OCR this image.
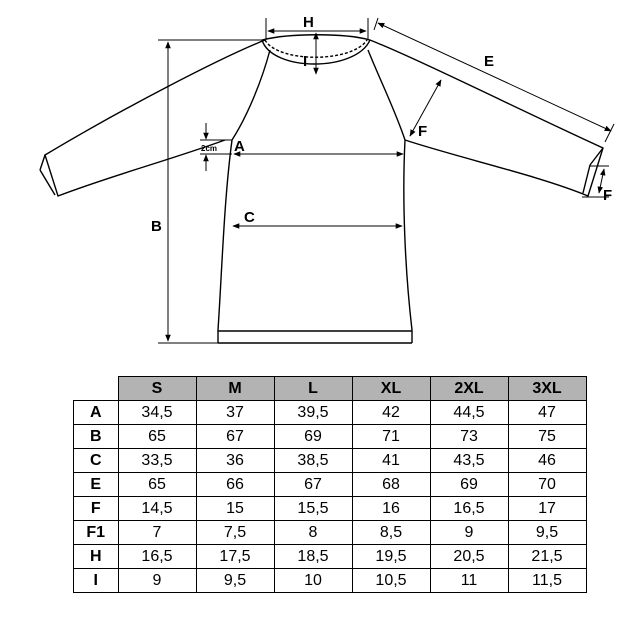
H
I	E
F
A
2cm
B
C
F
	S	M	L	XL	2XL	3XL
A	34,5	37	39,5	42	44,5	47
B	65	67	69	71	73	75
C	33,5	36	38,5	41	43,5	46
E	65	66	67	68	69	70
F	14,5	15	15,5	16	16,5	17
F1	7	7,5	8	8,5	9	9,5
H	16,5	17,5	18,5	19,5	20,5	21,5
I	9	9,5	10	10,5	11	11,5
